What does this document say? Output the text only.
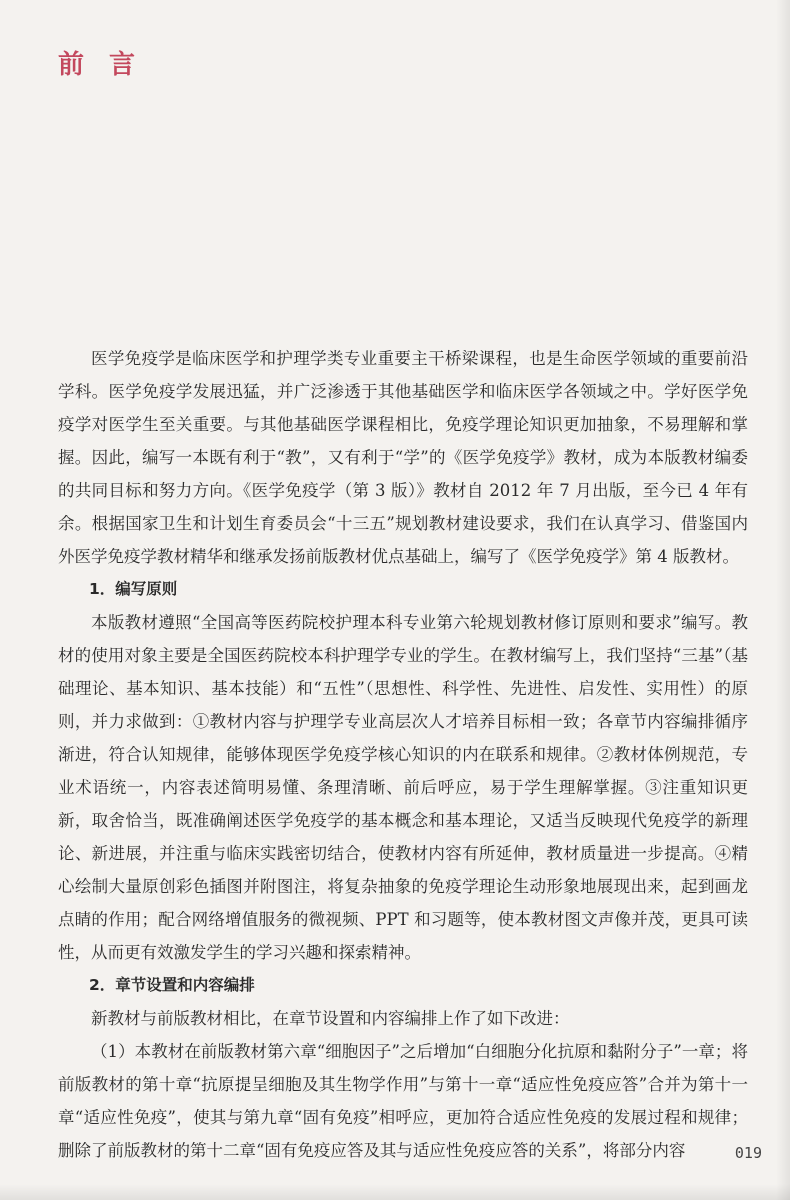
前 言

医学免疫学是临床医学和护理学类专业重要主干桥梁课程，也是生命医学领域的重要前沿学科。医学免疫学发展迅猛，并广泛渗透于其他基础医学和临床医学各领域之中。学好医学免疫学对医学生至关重要。与其他基础医学课程相比，免疫学理论知识更加抽象，不易理解和掌握。因此，编写一本既有利于“教”，又有利于“学”的《医学免疫学》教材，成为本版教材编委的共同目标和努力方向。《医学免疫学（第 3 版）》教材自 2012 年 7 月出版，至今已 4 年有余。根据国家卫生和计划生育委员会“十三五”规划教材建设要求，我们在认真学习、借鉴国内外医学免疫学教材精华和继承发扬前版教材优点基础上，编写了《医学免疫学》第 4 版教材。

1．编写原则

本版教材遵照“全国高等医药院校护理本科专业第六轮规划教材修订原则和要求”编写。教材的使用对象主要是全国医药院校本科护理学专业的学生。在教材编写上，我们坚持“三基”（基础理论、基本知识、基本技能）和“五性”（思想性、科学性、先进性、启发性、实用性）的原则，并力求做到：①教材内容与护理学专业高层次人才培养目标相一致；各章节内容编排循序渐进，符合认知规律，能够体现医学免疫学核心知识的内在联系和规律。②教材体例规范，专业术语统一，内容表述简明易懂、条理清晰、前后呼应，易于学生理解掌握。③注重知识更新，取舍恰当，既准确阐述医学免疫学的基本概念和基本理论，又适当反映现代免疫学的新理论、新进展，并注重与临床实践密切结合，使教材内容有所延伸，教材质量进一步提高。④精心绘制大量原创彩色插图并附图注，将复杂抽象的免疫学理论生动形象地展现出来，起到画龙点睛的作用；配合网络增值服务的微视频、PPT 和习题等，使本教材图文声像并茂，更具可读性，从而更有效激发学生的学习兴趣和探索精神。

2．章节设置和内容编排

新教材与前版教材相比，在章节设置和内容编排上作了如下改进：

（1）本教材在前版教材第六章“细胞因子”之后增加“白细胞分化抗原和黏附分子”一章；将前版教材的第十章“抗原提呈细胞及其生物学作用”与第十一章“适应性免疫应答”合并为第十一章“适应性免疫”，使其与第九章“固有免疫”相呼应，更加符合适应性免疫的发展过程和规律；删除了前版教材的第十二章“固有免疫应答及其与适应性免疫应答的关系”，将部分内容	019
